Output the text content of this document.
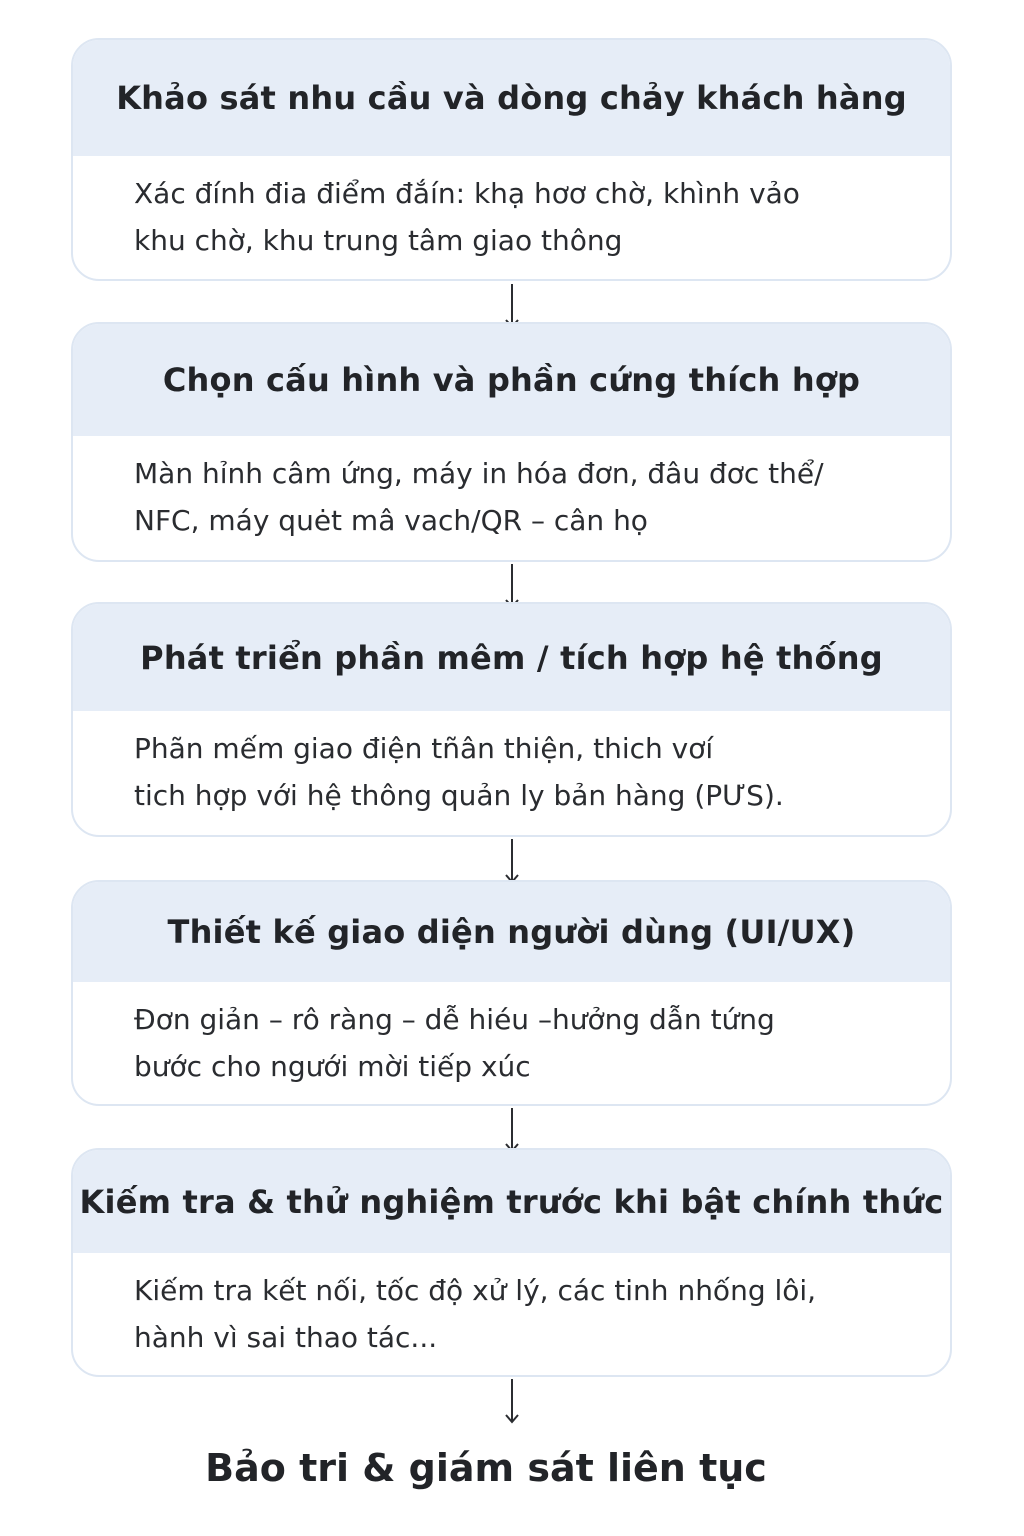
Khảo sát nhu cầu và dòng chảy khách hàng
Xác đính đia điểm đắín: khạ hơơ chờ, khình vảo
khu chờ, khu trung tâm giao thông
Chọn cấu hình và phần cứng thích hợp
Màn hỉnh câm ứng, máy in hóa đơn, đâu đơc thể/
NFC, máy quėt mâ vach/QR – cân họ
Phát triển phần mêm / tích hợp hệ thống
Phãn mếm giao điện tñân thiện, thich vơí
tich hợp với hệ thông quản ly bản hàng (PƯS).
Thiết kế giao diện người dùng (UI/UX)
Đơn giản – rô ràng – dễ hiéu –hưởng dẫn tứng
bước cho ngưới mời tiếp xúc
Kiếm tra & thử nghiệm trước khi bật chính thức
Kiếm tra kết nối, tốc độ xử lý, các tinh nhống lôi,
hành vì sai thao tác...
Bảo tri & giám sát liên tục
